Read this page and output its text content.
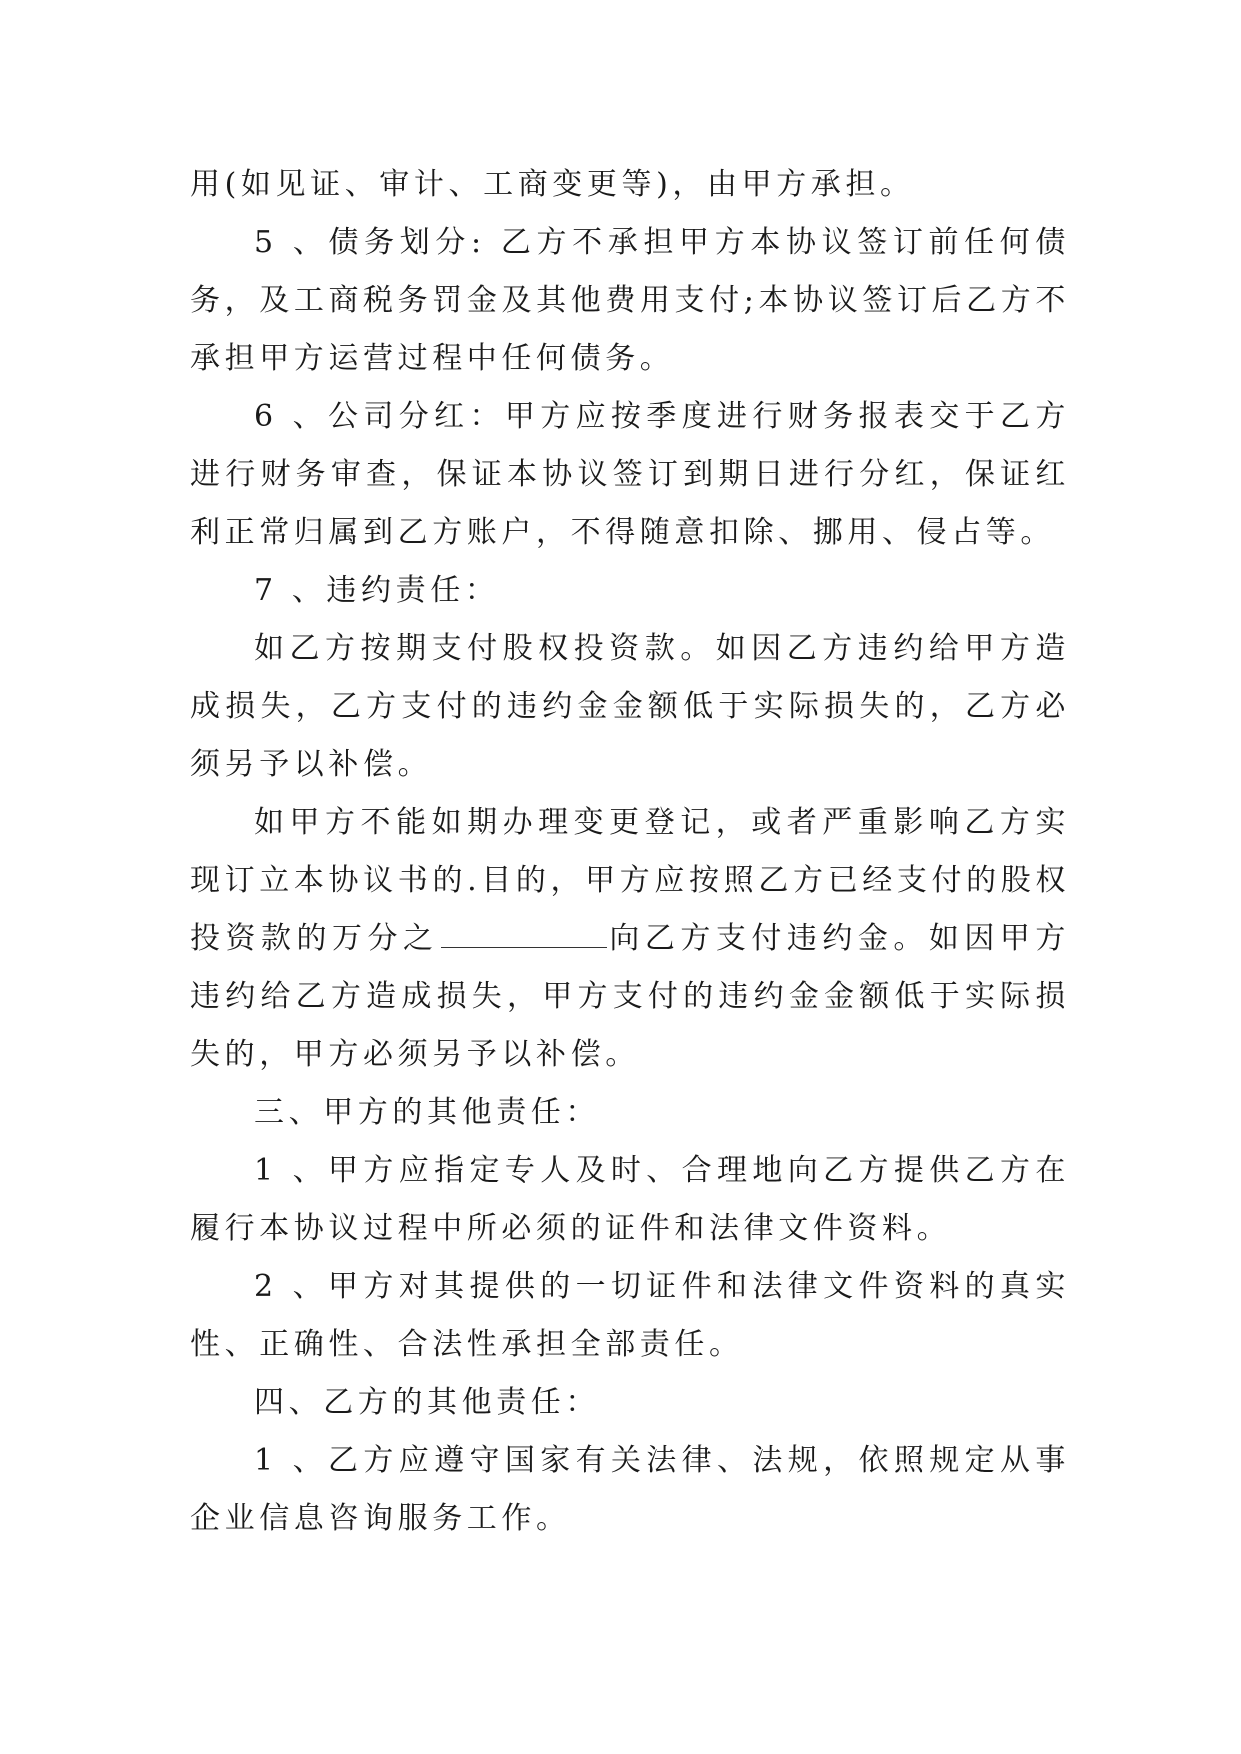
用(如见证、审计、工商变更等)，由甲方承担。

5 、债务划分: 乙方不承担甲方本协议签订前任何债务，及工商税务罚金及其他费用支付;本协议签订后乙方不承担甲方运营过程中任何债务。

6 、公司分红：甲方应按季度进行财务报表交于乙方进行财务审查，保证本协议签订到期日进行分红，保证红利正常归属到乙方账户，不得随意扣除、挪用、侵占等。

7 、违约责任：

如乙方按期支付股权投资款。如因乙方违约给甲方造成损失，乙方支付的违约金金额低于实际损失的，乙方必须另予以补偿。

如甲方不能如期办理变更登记，或者严重影响乙方实现订立本协议书的.目的，甲方应按照乙方已经支付的股权投资款的万分之	向乙方支付违约金。如因甲方违约给乙方造成损失，甲方支付的违约金金额低于实际损失的，甲方必须另予以补偿。

三、甲方的其他责任：

1 、甲方应指定专人及时、合理地向乙方提供乙方在履行本协议过程中所必须的证件和法律文件资料。

2 、甲方对其提供的一切证件和法律文件资料的真实性、正确性、合法性承担全部责任。

四、乙方的其他责任：

1 、乙方应遵守国家有关法律、法规，依照规定从事企业信息咨询服务工作。
